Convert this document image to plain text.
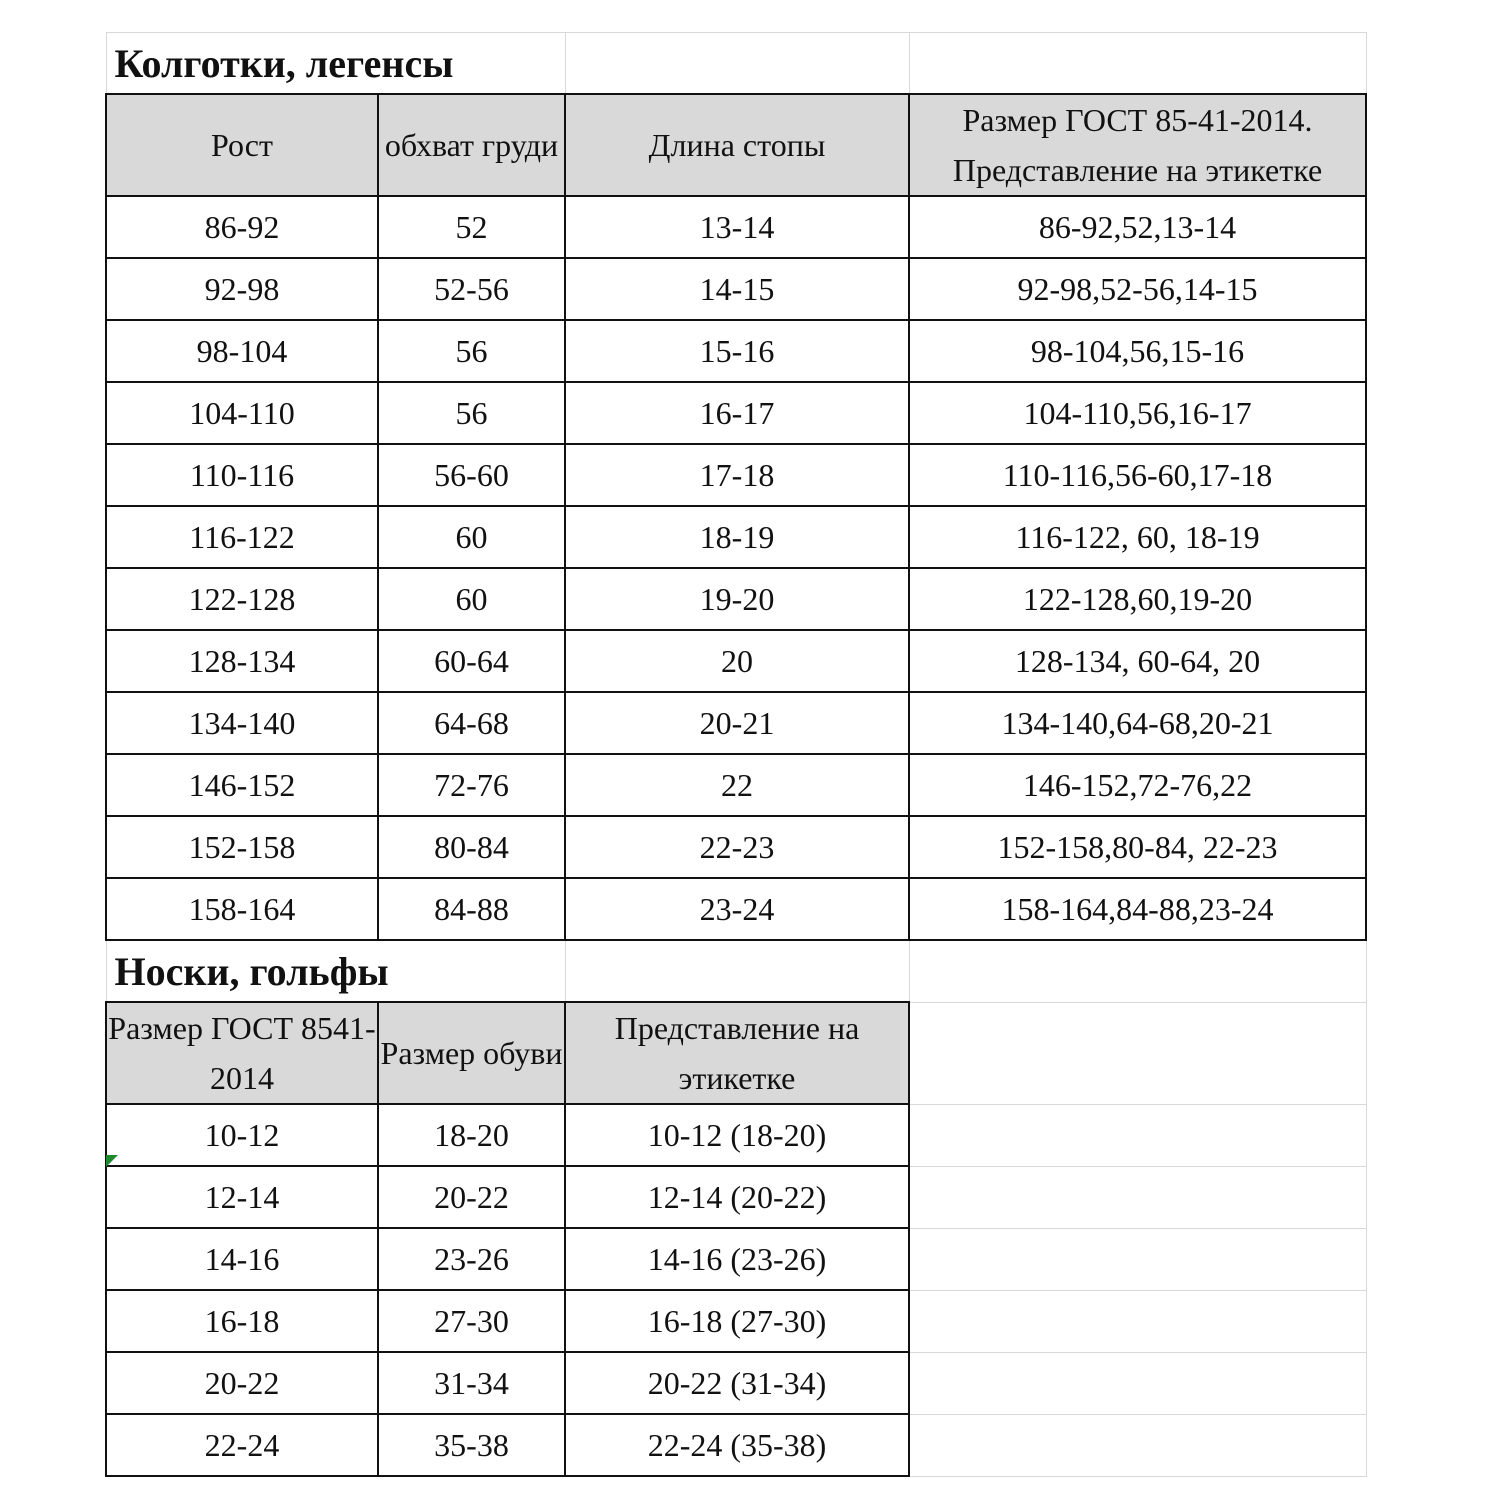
Колготки, легенсы			
Рост	обхват груди	Длина стопы	Размер ГОСТ 85-41-2014. Представление на этикетке
86-92	52	13-14	86-92,52,13-14
92-98	52-56	14-15	92-98,52-56,14-15
98-104	56	15-16	98-104,56,15-16
104-110	56	16-17	104-110,56,16-17
110-116	56-60	17-18	110-116,56-60,17-18
116-122	60	18-19	116-122, 60, 18-19
122-128	60	19-20	122-128,60,19-20
128-134	60-64	20	128-134, 60-64, 20
134-140	64-68	20-21	134-140,64-68,20-21
146-152	72-76	22	146-152,72-76,22
152-158	80-84	22-23	152-158,80-84, 22-23
158-164	84-88	23-24	158-164,84-88,23-24
Носки, гольфы			
Размер ГОСТ 8541-2014	Размер обуви	Представление на этикетке	
10-12	18-20	10-12 (18-20)	
12-14	20-22	12-14 (20-22)	
14-16	23-26	14-16 (23-26)	
16-18	27-30	16-18 (27-30)	
20-22	31-34	20-22 (31-34)	
22-24	35-38	22-24 (35-38)	
